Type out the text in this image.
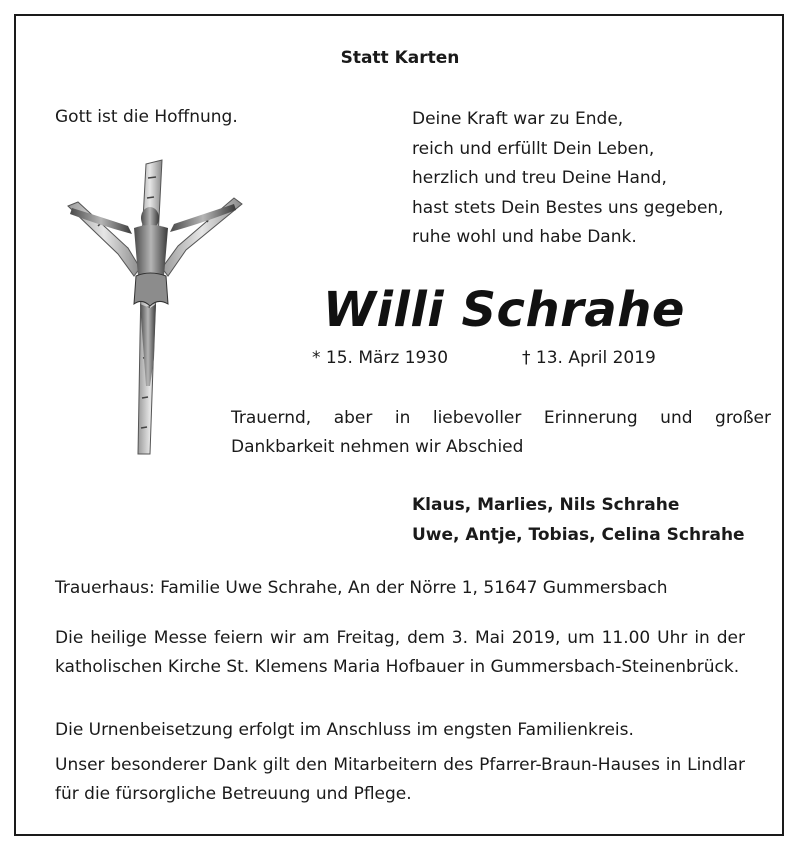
Statt Karten
Gott ist die Hoffnung.	Deine Kraft war zu Ende,
reich und erfüllt Dein Leben,
herzlich und treu Deine Hand,
hast stets Dein Bestes uns gegeben,
ruhe wohl und habe Dank.
Willi Schrahe
* 15. März 1930	† 13. April 2019
Trauernd, aber in liebevoller Erinnerung und großer Dankbarkeit nehmen wir Abschied
Klaus, Marlies, Nils Schrahe
Uwe, Antje, Tobias, Celina Schrahe
Trauerhaus: Familie Uwe Schrahe, An der Nörre 1, 51647 Gummersbach
Die heilige Messe feiern wir am Freitag, dem 3. Mai 2019, um 11.00 Uhr in der katholischen Kirche St. Klemens Maria Hofbauer in Gummersbach-Steinenbrück.
Die Urnenbeisetzung erfolgt im Anschluss im engsten Familienkreis.
Unser besonderer Dank gilt den Mitarbeitern des Pfarrer-Braun-Hauses in Lindlar für die fürsorgliche Betreuung und Pflege.
